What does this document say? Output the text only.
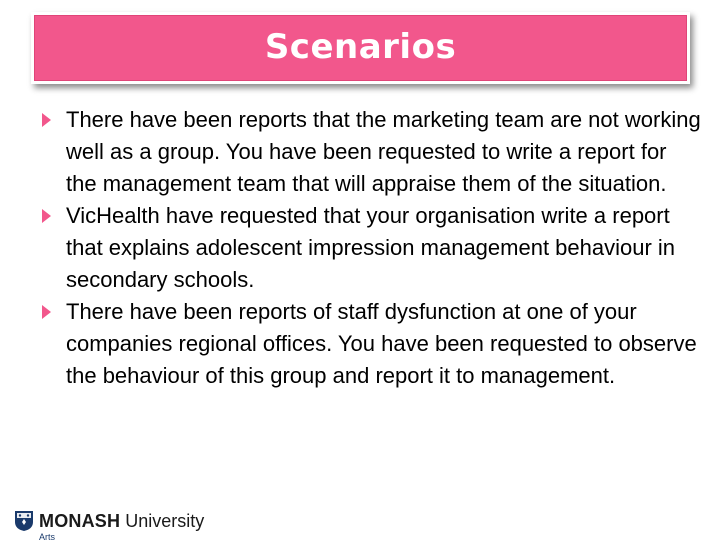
Scenarios
There have been reports that the marketing team are not working well as a group. You have been requested to write a report for the management team that will appraise them of the situation.
VicHealth have requested that your organisation write a report that explains adolescent impression management behaviour in secondary schools.
There have been reports of staff dysfunction at one of your companies regional offices. You have been requested to observe the behaviour of this group and report it to management.
MONASH University
Arts
